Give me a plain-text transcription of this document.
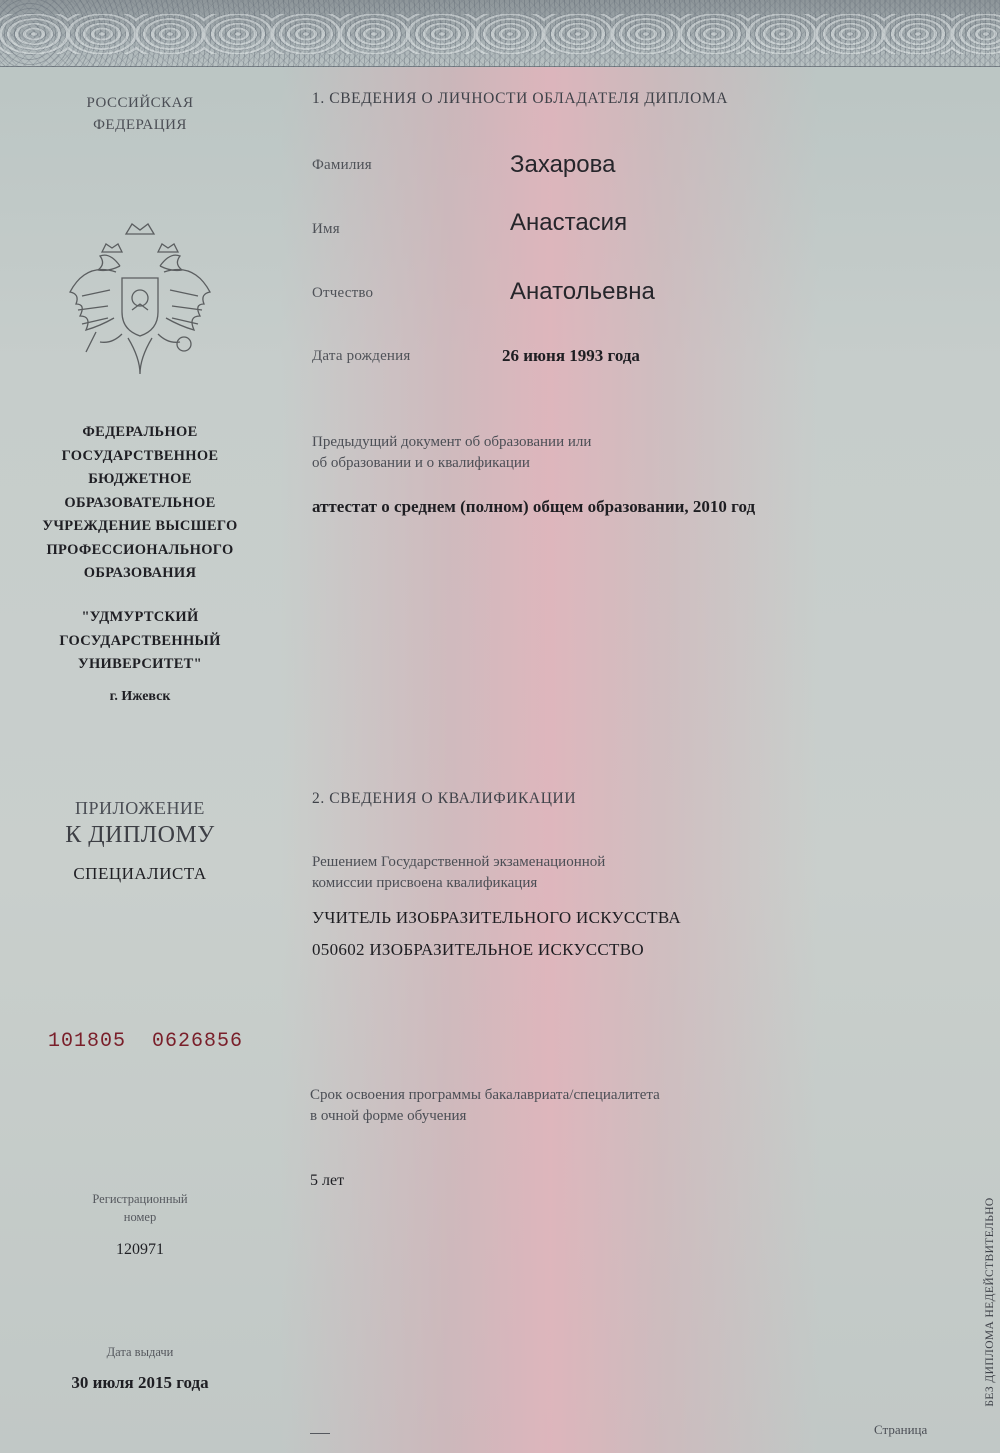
РОССИЙСКАЯ
ФЕДЕРАЦИЯ
ФЕДЕРАЛЬНОЕ
ГОСУДАРСТВЕННОЕ
БЮДЖЕТНОЕ
ОБРАЗОВАТЕЛЬНОЕ
УЧРЕЖДЕНИЕ ВЫСШЕГО
ПРОФЕССИОНАЛЬНОГО
ОБРАЗОВАНИЯ
"УДМУРТСКИЙ
ГОСУДАРСТВЕННЫЙ
УНИВЕРСИТЕТ"
г. Ижевск
ПРИЛОЖЕНИЕ
К ДИПЛОМУ
СПЕЦИАЛИСТА
101805  0626856
Регистрационный
номер
120971
Дата выдачи
30 июля 2015 года
1. СВЕДЕНИЯ О ЛИЧНОСТИ ОБЛАДАТЕЛЯ ДИПЛОМА
Фамилия	Захарова
Имя	Анастасия
Отчество	Анатольевна
Дата рождения	26 июня 1993 года
Предыдущий документ об образовании или
об образовании и о квалификации
аттестат о среднем (полном) общем образовании, 2010 год
2. СВЕДЕНИЯ О КВАЛИФИКАЦИИ
Решением Государственной экзаменационной
комиссии присвоена квалификация
УЧИТЕЛЬ ИЗОБРАЗИТЕЛЬНОГО ИСКУССТВА
050602 ИЗОБРАЗИТЕЛЬНОЕ ИСКУССТВО
Срок освоения программы бакалавриата/специалитета
в очной форме обучения
5 лет
Страница
БЕЗ ДИПЛОМА НЕДЕЙСТВИТЕЛЬНО
